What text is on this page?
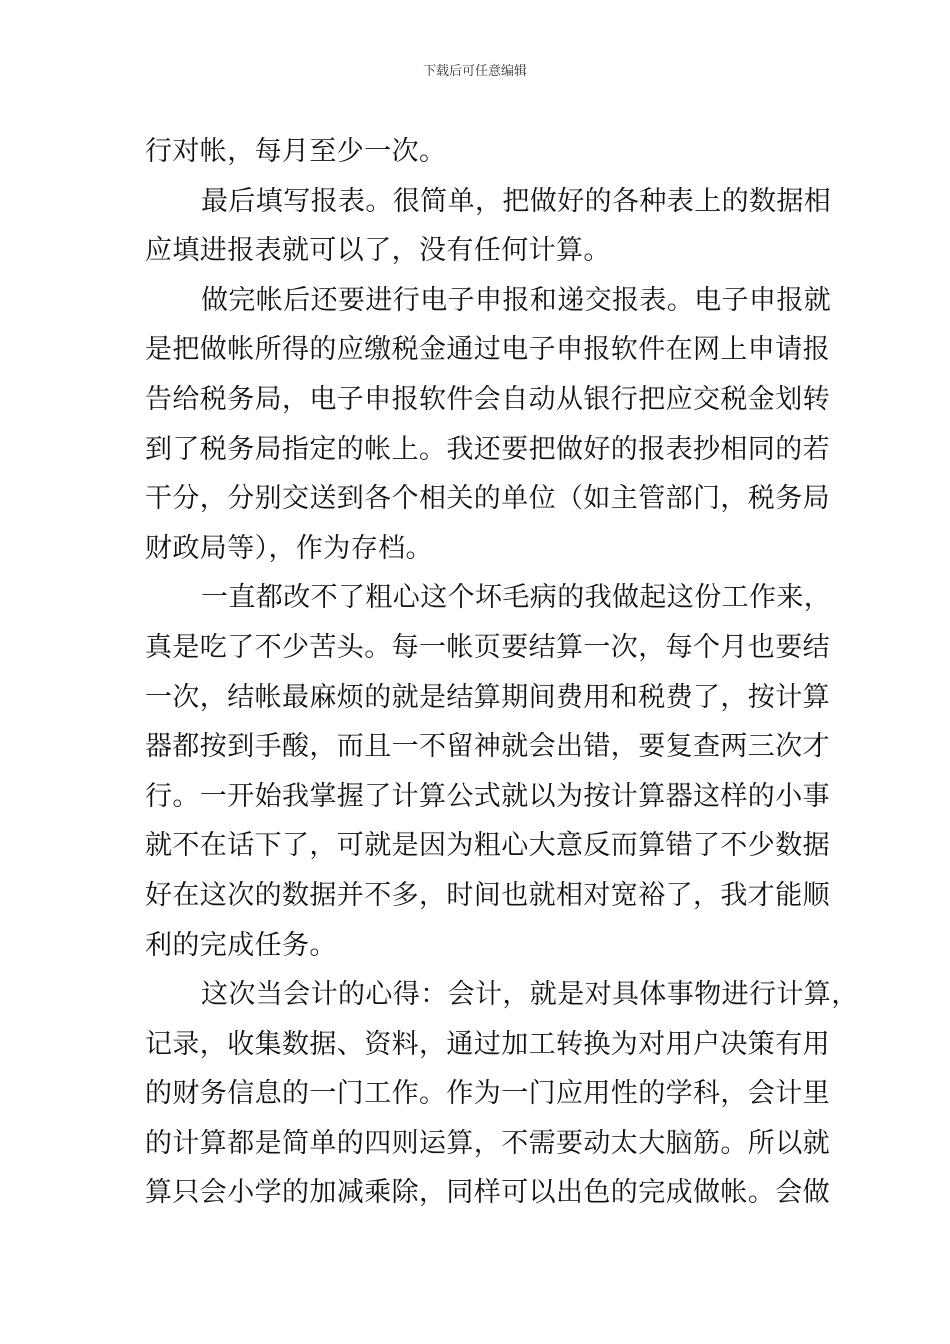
下载后可任意编辑
行对帐，每月至少一次。
最后填写报表。很简单，把做好的各种表上的数据相
应填进报表就可以了，没有任何计算。
做完帐后还要进行电子申报和递交报表。电子申报就
是把做帐所得的应缴税金通过电子申报软件在网上申请报
告给税务局，电子申报软件会自动从银行把应交税金划转
到了税务局指定的帐上。我还要把做好的报表抄相同的若
干分，分别交送到各个相关的单位（如主管部门，税务局
财政局等），作为存档。
一直都改不了粗心这个坏毛病的我做起这份工作来，
真是吃了不少苦头。每一帐页要结算一次，每个月也要结
一次，结帐最麻烦的就是结算期间费用和税费了，按计算
器都按到手酸，而且一不留神就会出错，要复查两三次才
行。一开始我掌握了计算公式就以为按计算器这样的小事
就不在话下了，可就是因为粗心大意反而算错了不少数据
好在这次的数据并不多，时间也就相对宽裕了，我才能顺
利的完成任务。
这次当会计的心得：会计，就是对具体事物进行计算，
记录，收集数据、资料，通过加工转换为对用户决策有用
的财务信息的一门工作。作为一门应用性的学科，会计里
的计算都是简单的四则运算，不需要动太大脑筋。所以就
算只会小学的加减乘除，同样可以出色的完成做帐。会做
